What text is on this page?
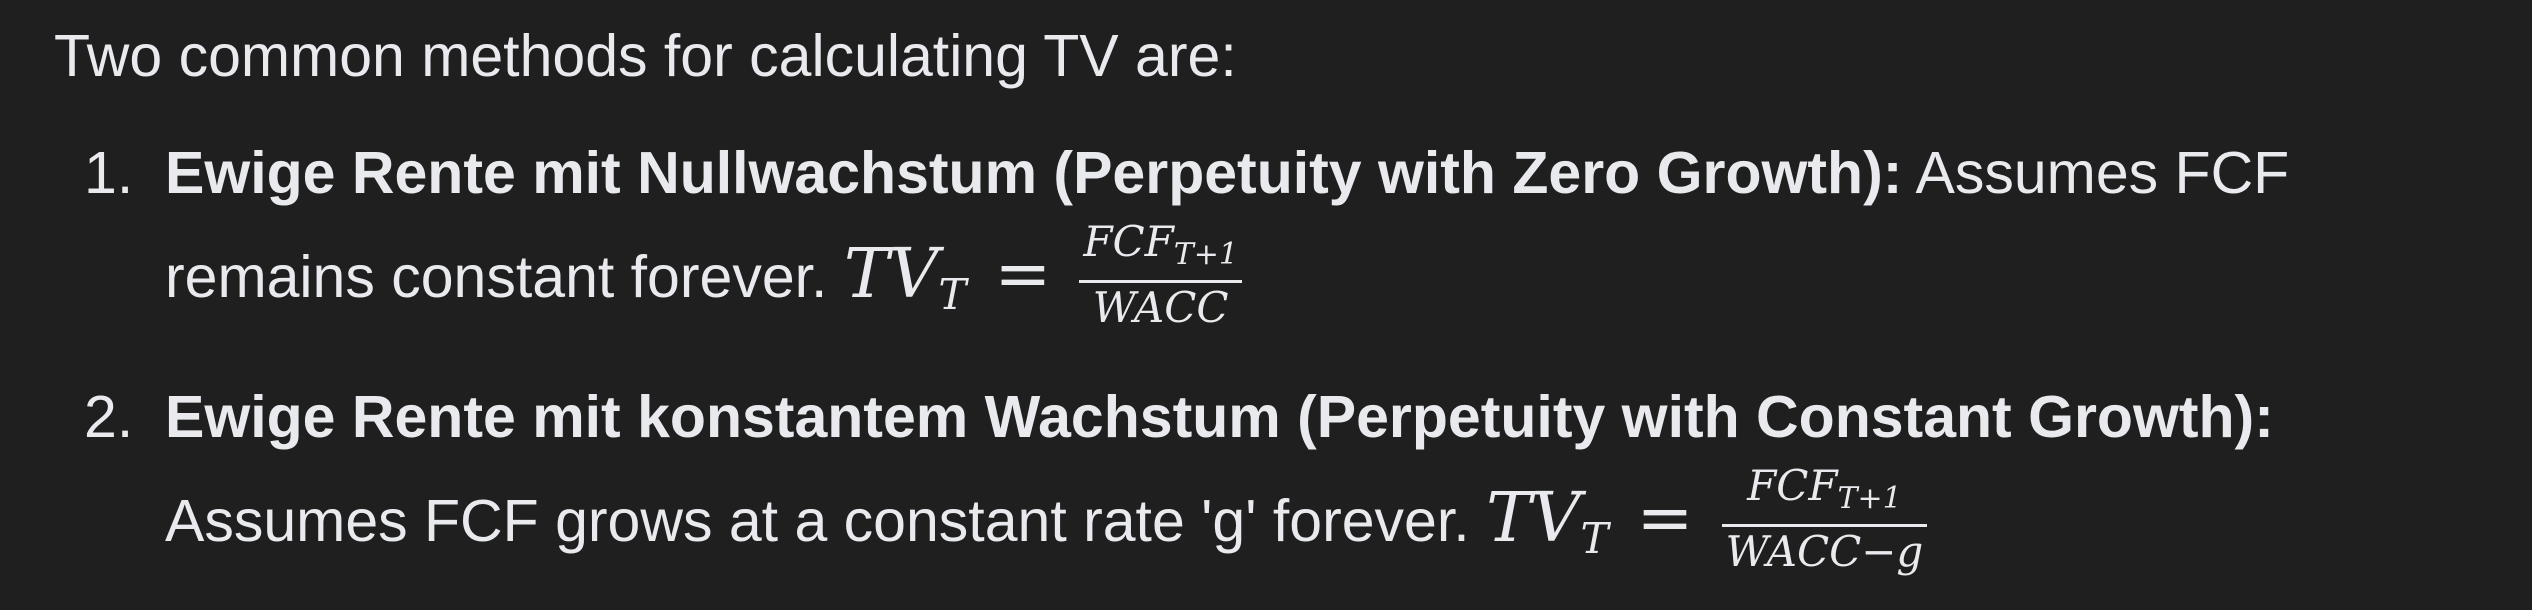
Two common methods for calculating TV are:

1. Ewige Rente mit Nullwachstum (Perpetuity with Zero Growth): Assumes FCF remains constant forever. $TV_T = \frac{FCF_{T+1}}{\text{WACC}}$
2. Ewige Rente mit konstantem Wachstum (Perpetuity with Constant Growth): Assumes FCF grows at a constant rate 'g' forever. $TV_T = \frac{FCF_{T+1}}{\text{WACC−g}}$
